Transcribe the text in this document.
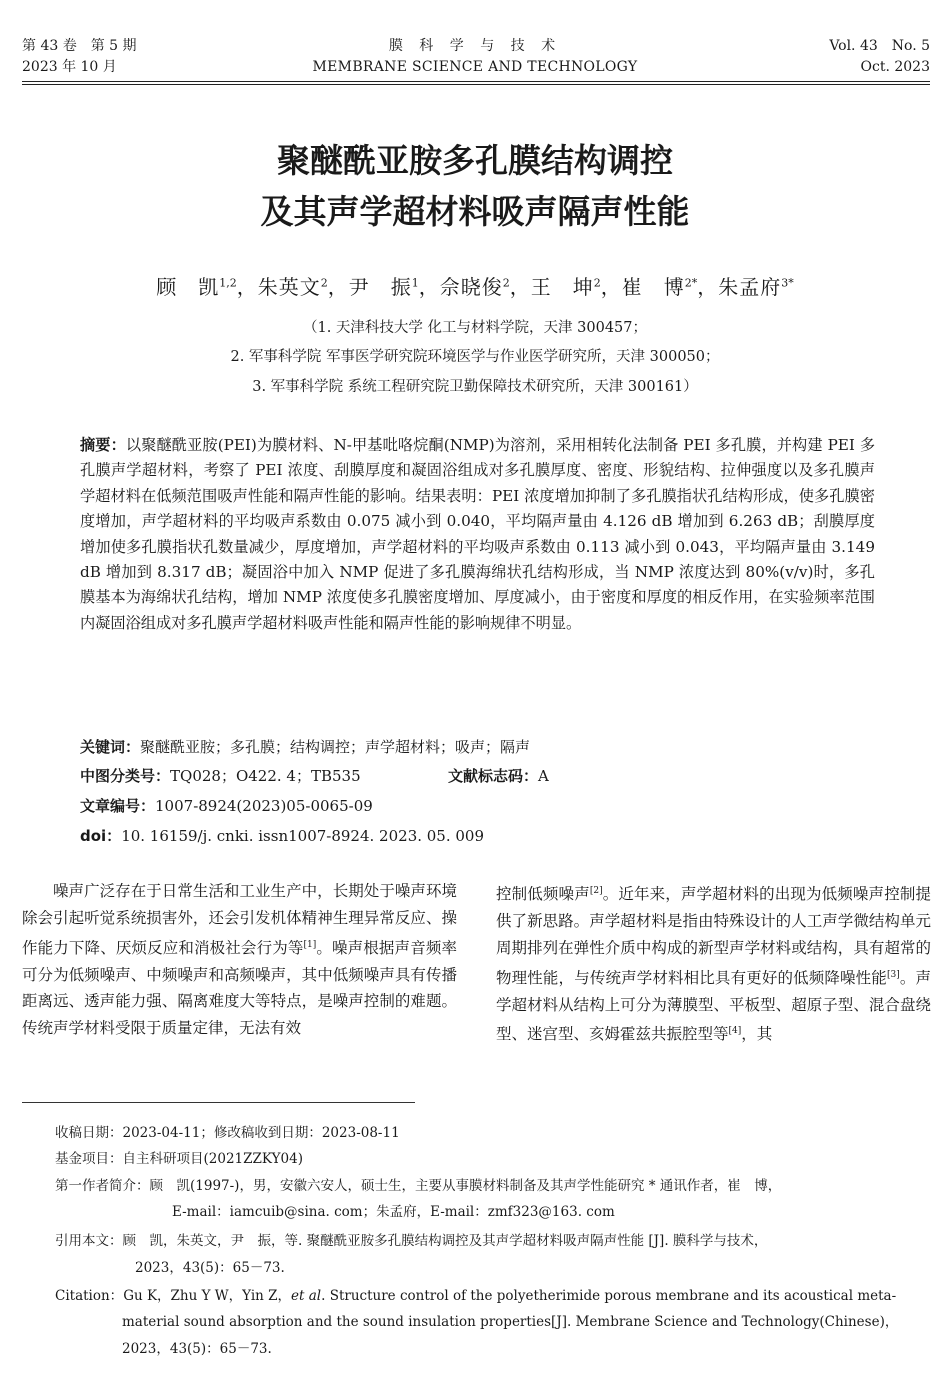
第 43 卷　第 5 期
2023 年 10 月
膜 科 学 与 技 术
MEMBRANE SCIENCE AND TECHNOLOGY
Vol. 43　No. 5
Oct. 2023
聚醚酰亚胺多孔膜结构调控
及其声学超材料吸声隔声性能
顾　凯$^{1,2}$，朱英文$^2$，尹　振$^1$，佘晓俊$^2$，王　坤$^2$，崔　博$^{2*}$，朱孟府$^{3*}$
（1. 天津科技大学 化工与材料学院，天津 300457；
2. 军事科学院 军事医学研究院环境医学与作业医学研究所，天津 300050；
3. 军事科学院 系统工程研究院卫勤保障技术研究所，天津 300161）
摘要：以聚醚酰亚胺(PEI)为膜材料、N-甲基吡咯烷酮(NMP)为溶剂，采用相转化法制备 PEI 多孔膜，并构建 PEI 多孔膜声学超材料，考察了 PEI 浓度、刮膜厚度和凝固浴组成对多孔膜厚度、密度、形貌结构、拉伸强度以及多孔膜声学超材料在低频范围吸声性能和隔声性能的影响。结果表明：PEI 浓度增加抑制了多孔膜指状孔结构形成，使多孔膜密度增加，声学超材料的平均吸声系数由 0.075 减小到 0.040，平均隔声量由 4.126 dB 增加到 6.263 dB；刮膜厚度增加使多孔膜指状孔数量减少，厚度增加，声学超材料的平均吸声系数由 0.113 减小到 0.043，平均隔声量由 3.149 dB 增加到 8.317 dB；凝固浴中加入 NMP 促进了多孔膜海绵状孔结构形成，当 NMP 浓度达到 80%(v/v)时，多孔膜基本为海绵状孔结构，增加 NMP 浓度使多孔膜密度增加、厚度减小，由于密度和厚度的相反作用，在实验频率范围内凝固浴组成对多孔膜声学超材料吸声性能和隔声性能的影响规律不明显。
关键词：聚醚酰亚胺；多孔膜；结构调控；声学超材料；吸声；隔声
中图分类号：TQ028；O422. 4；TB535	文献标志码：A
文章编号：1007-8924(2023)05-0065-09
doi：10. 16159/j. cnki. issn1007-8924. 2023. 05. 009

噪声广泛存在于日常生活和工业生产中，长期处于噪声环境除会引起听觉系统损害外，还会引发机体精神生理异常反应、操作能力下降、厌烦反应和消极社会行为等[1]。噪声根据声音频率可分为低频噪声、中频噪声和高频噪声，其中低频噪声具有传播距离远、透声能力强、隔离难度大等特点，是噪声控制的难题。传统声学材料受限于质量定律，无法有效

控制低频噪声[2]。近年来，声学超材料的出现为低频噪声控制提供了新思路。声学超材料是指由特殊设计的人工声学微结构单元周期排列在弹性介质中构成的新型声学材料或结构，具有超常的物理性能，与传统声学材料相比具有更好的低频降噪性能[3]。声学超材料从结构上可分为薄膜型、平板型、超原子型、混合盘绕型、迷宫型、亥姆霍兹共振腔型等[4]，其

收稿日期：2023-04-11；修改稿收到日期：2023-08-11
基金项目：自主科研项目(2021ZZKY04)
第一作者简介：顾　凯(1997-)，男，安徽六安人，硕士生，主要从事膜材料制备及其声学性能研究 * 通讯作者，崔　博，
E-mail：iamcuib@sina. com；朱孟府，E-mail：zmf323@163. com
引用本文：顾　凯，朱英文，尹　振，等. 聚醚酰亚胺多孔膜结构调控及其声学超材料吸声隔声性能 [J]. 膜科学与技术，
2023，43(5)：65－73.
Citation：Gu K，Zhu Y W，Yin Z，et al. Structure control of the polyetherimide porous membrane and its acoustical meta-
material sound absorption and the sound insulation properties[J]. Membrane Science and Technology(Chinese)，
2023，43(5)：65－73.
